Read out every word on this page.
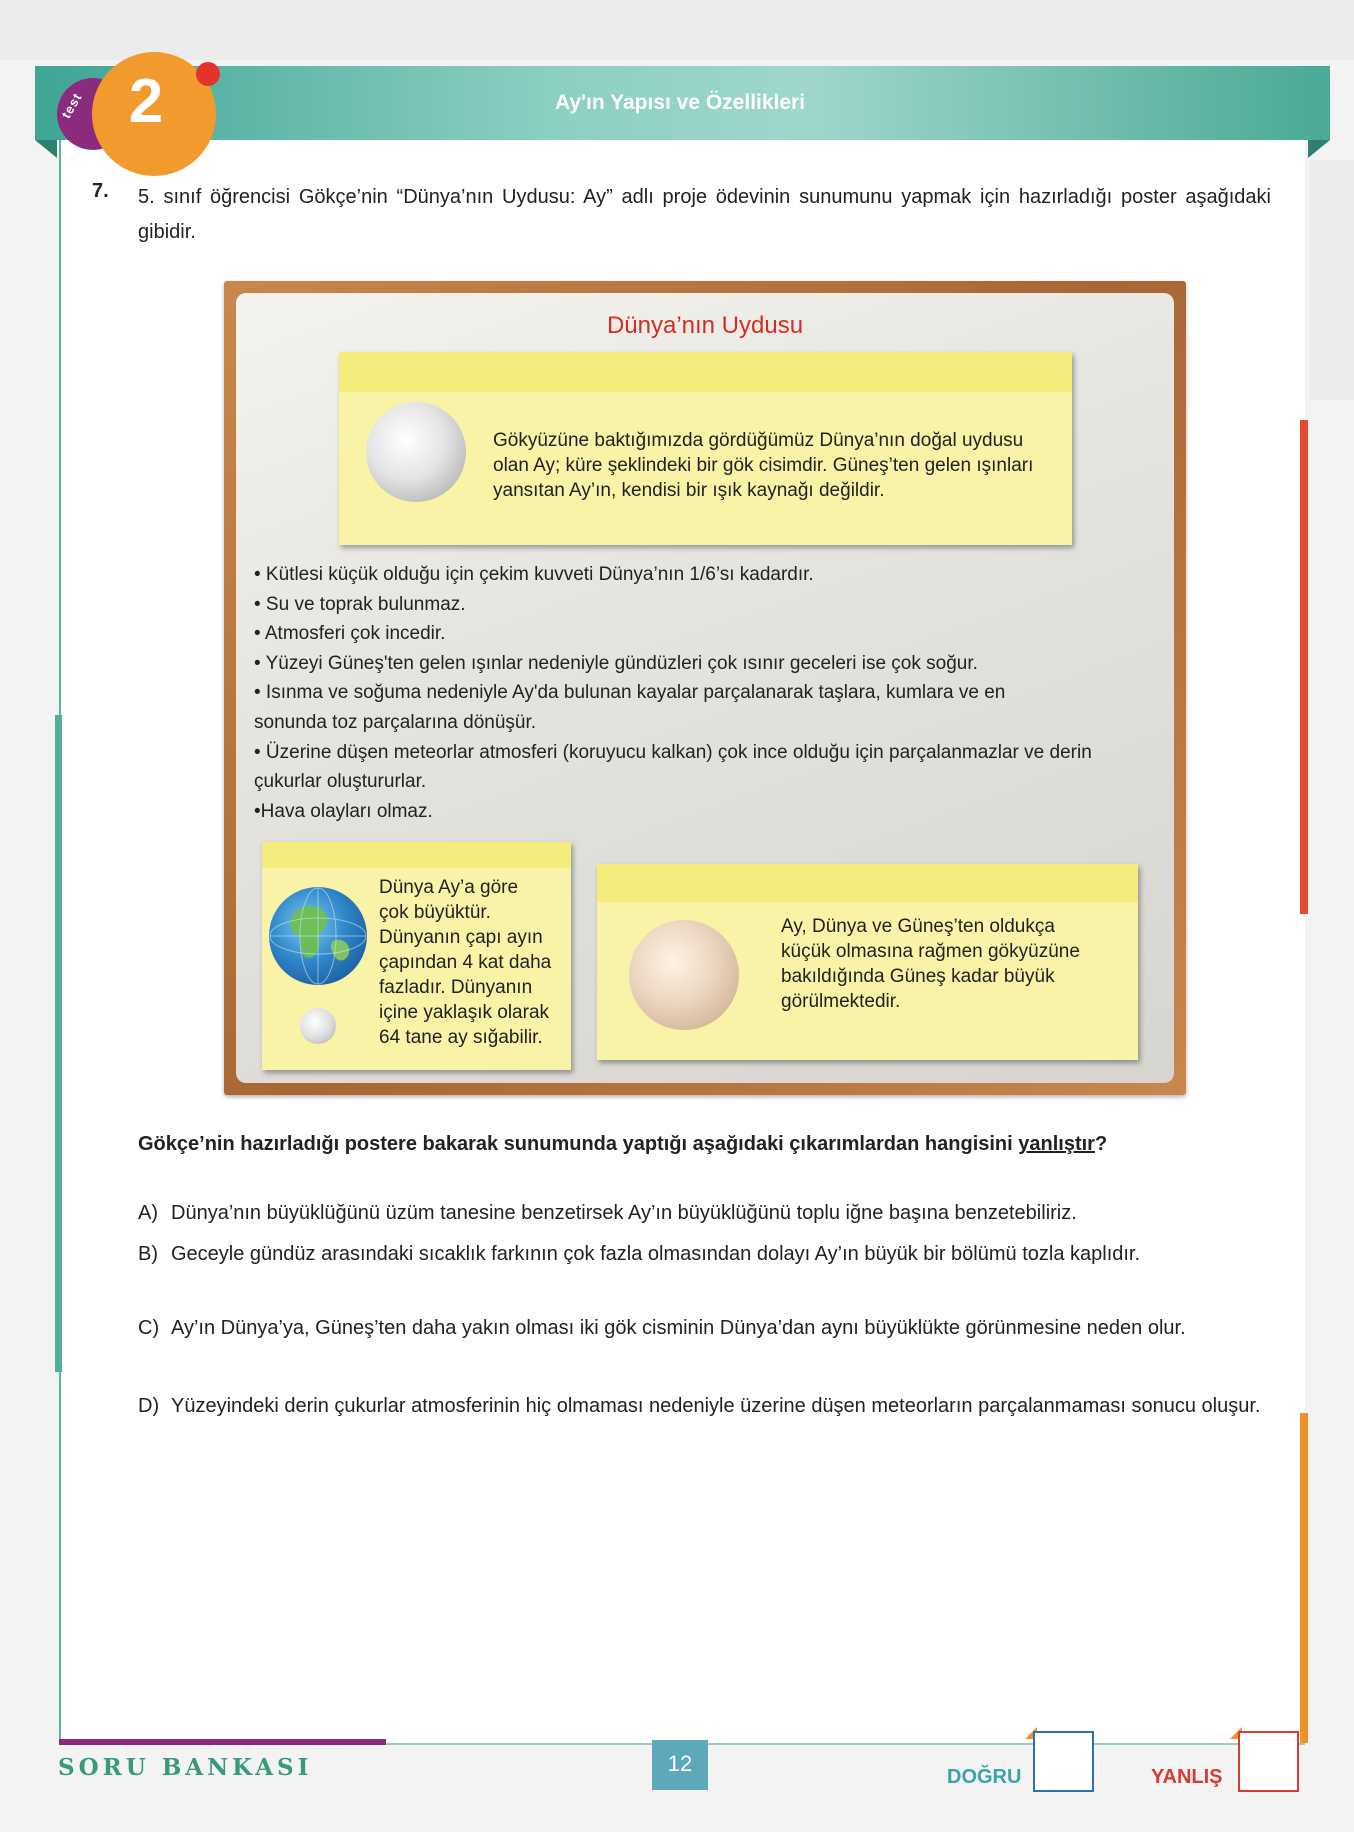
Ay'ın Yapısı ve Özellikleri
test 2
7. 5. sınıf öğrencisi Gökçe’nin “Dünya’nın Uydusu: Ay” adlı proje ödevinin sunumunu yapmak için hazırladığı poster aşağıdaki gibidir.
Dünya’nın Uydusu
Gökyüzüne baktığımızda gördüğümüz Dünya’nın doğal uydusu olan Ay; küre şeklindeki bir gök cisimdir. Güneş’ten gelen ışınları yansıtan Ay’ın, kendisi bir ışık kaynağı değildir.
• Kütlesi küçük olduğu için çekim kuvveti Dünya’nın 1/6’sı kadardır.
• Su ve toprak bulunmaz.
• Atmosferi çok incedir.
• Yüzeyi Güneş'ten gelen ışınlar nedeniyle gündüzleri çok ısınır geceleri ise çok soğur.
• Isınma ve soğuma nedeniyle Ay'da bulunan kayalar parçalanarak taşlara, kumlara ve en
sonunda toz parçalarına dönüşür.
• Üzerine düşen meteorlar atmosferi (koruyucu kalkan) çok ince olduğu için parçalanmazlar ve derin
çukurlar oluştururlar.
•Hava olayları olmaz.
Dünya Ay’a göre
çok büyüktür.
Dünyanın çapı ayın
çapından 4 kat daha
fazladır. Dünyanın
içine yaklaşık olarak
64 tane ay sığabilir.
Ay, Dünya ve Güneş’ten oldukça
küçük olmasına rağmen gökyüzüne
bakıldığında Güneş kadar büyük
görülmektedir.
Gökçe’nin hazırladığı postere bakarak sunumunda yaptığı aşağıdaki çıkarımlardan hangisini yanlıştır?
A) Dünya’nın büyüklüğünü üzüm tanesine benzetirsek Ay’ın büyüklüğünü toplu iğne başına benzetebiliriz.
B) Geceyle gündüz arasındaki sıcaklık farkının çok fazla olmasından dolayı Ay’ın büyük bir bölümü tozla kaplıdır.
C) Ay’ın Dünya’ya, Güneş’ten daha yakın olması iki gök cisminin Dünya’dan aynı büyüklükte görünmesine neden olur.
D) Yüzeyindeki derin çukurlar atmosferinin hiç olmaması nedeniyle üzerine düşen meteorların parçalanmaması sonucu oluşur.
SORU BANKASI	12
DOĞRU	YANLIŞ
